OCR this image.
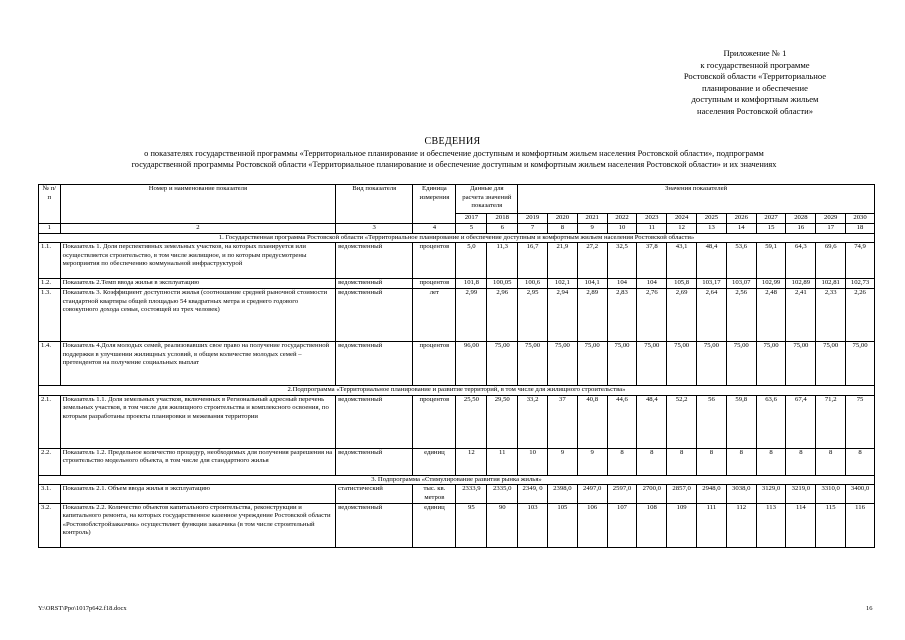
Приложение № 1
к государственной программе
Ростовской области «Территориальное
планирование и обеспечение
доступным и комфортным жильем
населения Ростовской области»
СВЕДЕНИЯ
о показателях государственной программы «Территориальное планирование и обеспечение доступным и комфортным жильем населения Ростовской области», подпрограмм
государственной программы Ростовской области «Территориальное планирование и обеспечение доступным и комфортным жильем населения Ростовской области» и их значениях
№ п/п	Номер и наименование показателя	Вид показателя	Единица измерения	Данные для расчета значений показателя		Значения показателей											
				2017	2018	2019	2020	2021	2022	2023	2024	2025	2026	2027	2028	2029	2030
1	2	3	4	5	6	7	8	9	10	11	12	13	14	15	16	17	18
1. Государственная программа Ростовской области «Территориальное планирование и обеспечение доступным и комфортным жильем населения Ростовской области»																	
1.1.	Показатель 1. Доля перспективных земельных участков, на которых планируется или осуществляется строительство, в том числе жилищное, и по которым предусмотрены мероприятия по обеспечению коммунальной инфраструктурой	ведомственный	процентов	5,0	11,3	16,7	21,9	27,2	32,5	37,8	43,1	48,4	53,6	59,1	64,3	69,6	74,9
1.2.	Показатель 2.Темп ввода жилья в эксплуатацию	ведомственный	процентов	101,8	100,05	100,6	102,1	104,1	104	104	105,8	103,17	103,07	102,99	102,89	102,81	102,73
1.3.	Показатель 3. Коэффициент доступности жилья (соотношение средней рыночной стоимости стандартной квартиры общей площадью 54 квадратных метра и среднего годового совокупного дохода семьи, состоящей из трех человек)	ведомственный	лет	2,99	2,96	2,95	2,94	2,89	2,83	2,76	2,69	2,64	2,56	2,48	2,41	2,33	2,26
1.4.	Показатель 4.Доля молодых семей, реализовавших свое право на получение государственной поддержки в улучшении жилищных условий, в общем количестве молодых семей – претендентов на получение социальных выплат	ведомственный	процентов	96,00	75,00	75,00	75,00	75,00	75,00	75,00	75,00	75,00	75,00	75,00	75,00	75,00	75,00
2.Подпрограмма «Территориальное планирование и развитие территорий, в том числе для жилищного строительства»																	
2.1.	Показатель 1.1. Доля земельных участков, включенных в Региональный адресный перечень земельных участков, в том числе для жилищного строительства и комплексного освоения, по которым разработаны проекты планировки и межевания территории	ведомственный	процентов	25,50	29,50	33,2	37	40,8	44,6	48,4	52,2	56	59,8	63,6	67,4	71,2	75
2.2.	Показатель 1.2. Предельное количество процедур, необходимых для получения разрешения на строительство модельного объекта, в том числе для стандартного жилья	ведомственный	единиц	12	11	10	9	9	8	8	8	8	8	8	8	8	8
3. Подпрограмма «Стимулирование развития рынка жилья»																	
3.1.	Показатель 2.1. Объем ввода жилья в эксплуатацию	статистический	тыс. кв. метров	2333,9	2335,0	2349, 0	2398,0	2497,0	2597,0	2700,0	2857,0	2948,0	3038,0	3129,0	3219,0	3310,0	3400,0
3.2.	Показатель 2.2. Количество объектов капитального строительства, реконструкции и капитального ремонта, на которых государственное казенное учреждение Ростовской области «Ростовоблстройзаказчик» осуществляет функции заказчика (в том числе строительный контроль)	ведомственный	единиц	95	90	103	105	106	107	108	109	111	112	113	114	115	116
Y:\ORST\Ppo\1017p642.f18.docx	16
